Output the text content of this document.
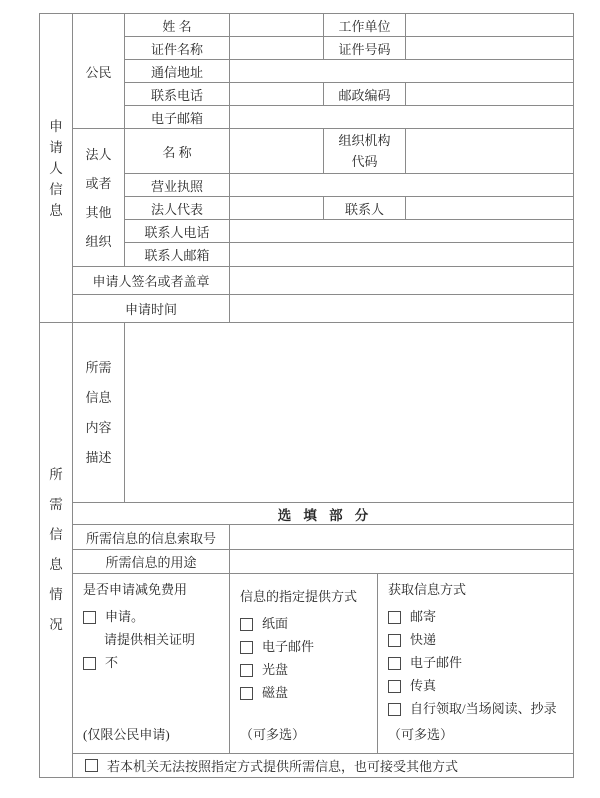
申请人信息	公民	姓 名		工作单位	
		证件名称		证件号码	
		通信地址			
		联系电话		邮政编码	
		电子邮箱			
	法人或者其他组织	名 称		组织机构代码	
		营业执照			
		法人代表		联系人	
		联系人电话			
		联系人邮箱			
	申请人签名或者盖章				
	申请时间				
所需信息情况	所需信息内容描述			
	选填部分			
	所需信息的信息索取号			
	所需信息的用途			

是否申请减免费用
申请。
请提供相关证明
不
(仅限公民申请)

信息的指定提供方式
纸面
电子邮件
光盘
磁盘
（可多选）

获取信息方式
邮寄
快递
电子邮件
传真
自行领取/当场阅读、抄录
（可多选）

	若本机关无法按照指定方式提供所需信息，也可接受其他方式			
